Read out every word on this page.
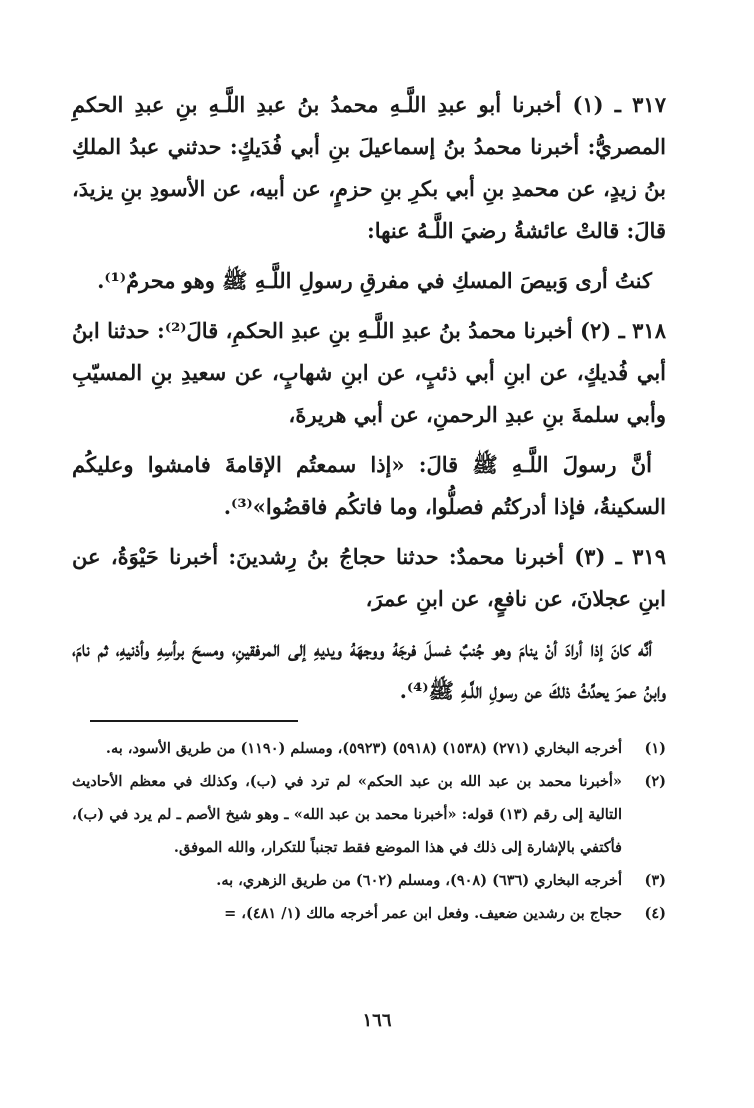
٣١٧ ـ (١) أخبرنا أبو عبدِ اللَّـهِ محمدُ بنُ عبدِ اللَّـهِ بنِ عبدِ الحكمِ المصريُّ: أخبرنا محمدُ بنُ إسماعيلَ بنِ أبي فُدَيكٍ: حدثني عبدُ الملكِ بنُ زيدٍ، عن محمدِ بنِ أبي بكرِ بنِ حزمٍ، عن أبيه، عن الأسودِ بنِ يزيدَ، قالَ: قالتْ عائشةُ رضيَ اللَّـهُ عنها:

كنتُ أرى وَبيصَ المسكِ في مفرقِ رسولِ اللَّـهِ ﷺ وهو محرمٌ⁽¹⁾.

٣١٨ ـ (٢) أخبرنا محمدُ بنُ عبدِ اللَّـهِ بنِ عبدِ الحكمِ، قالَ⁽²⁾: حدثنا ابنُ أبي فُديكٍ، عن ابنِ أبي ذئبٍ، عن ابنِ شهابٍ، عن سعيدِ بنِ المسيّبِ وأبي سلمةَ بنِ عبدِ الرحمنِ، عن أبي هريرةَ،

أنَّ رسولَ اللَّـهِ ﷺ قالَ: «إذا سمعتُم الإقامةَ فامشوا وعليكُم السكينةُ، فإذا أدركتُم فصلُّوا، وما فاتكُم فاقضُوا»⁽³⁾.

٣١٩ ـ (٣) أخبرنا محمدٌ: حدثنا حجاجُ بنُ رِشدينَ: أخبرنا حَيْوَةُ، عن ابنِ عجلانَ، عن نافعٍ، عن ابنِ عمرَ،

أنَّه كانَ إذا أرادَ أنْ ينامَ وهو جُنبٌ غسلَ فرجَهُ ووجهَهُ ويديهِ إلى المرفقينِ، ومسحَ برأسِهِ وأذنيهِ، ثم نامَ، وابنُ عمرَ يحدِّثُ ذلكَ عن رسولِ اللَّـهِ ﷺ⁽⁴⁾.

(١)
أخرجه البخاري (٢٧١) (١٥٣٨) (٥٩١٨) (٥٩٢٣)، ومسلم (١١٩٠) من طريق الأسود، به.
(٢)
«أخبرنا محمد بن عبد الله بن عبد الحكم» لم ترد في (ب)، وكذلك في معظم الأحاديث التالية إلى رقم (١٣) قوله: «أخبرنا محمد بن عبد الله» ـ وهو شيخ الأصم ـ لم يرد في (ب)، فأكتفي بالإشارة إلى ذلك في هذا الموضع فقط تجنباً للتكرار، والله الموفق.
(٣)
أخرجه البخاري (٦٣٦) (٩٠٨)، ومسلم (٦٠٢) من طريق الزهري، به.
(٤)
حجاج بن رشدين ضعيف. وفعل ابن عمر أخرجه مالك (١/ ٤٨١)، =
١٦٦
